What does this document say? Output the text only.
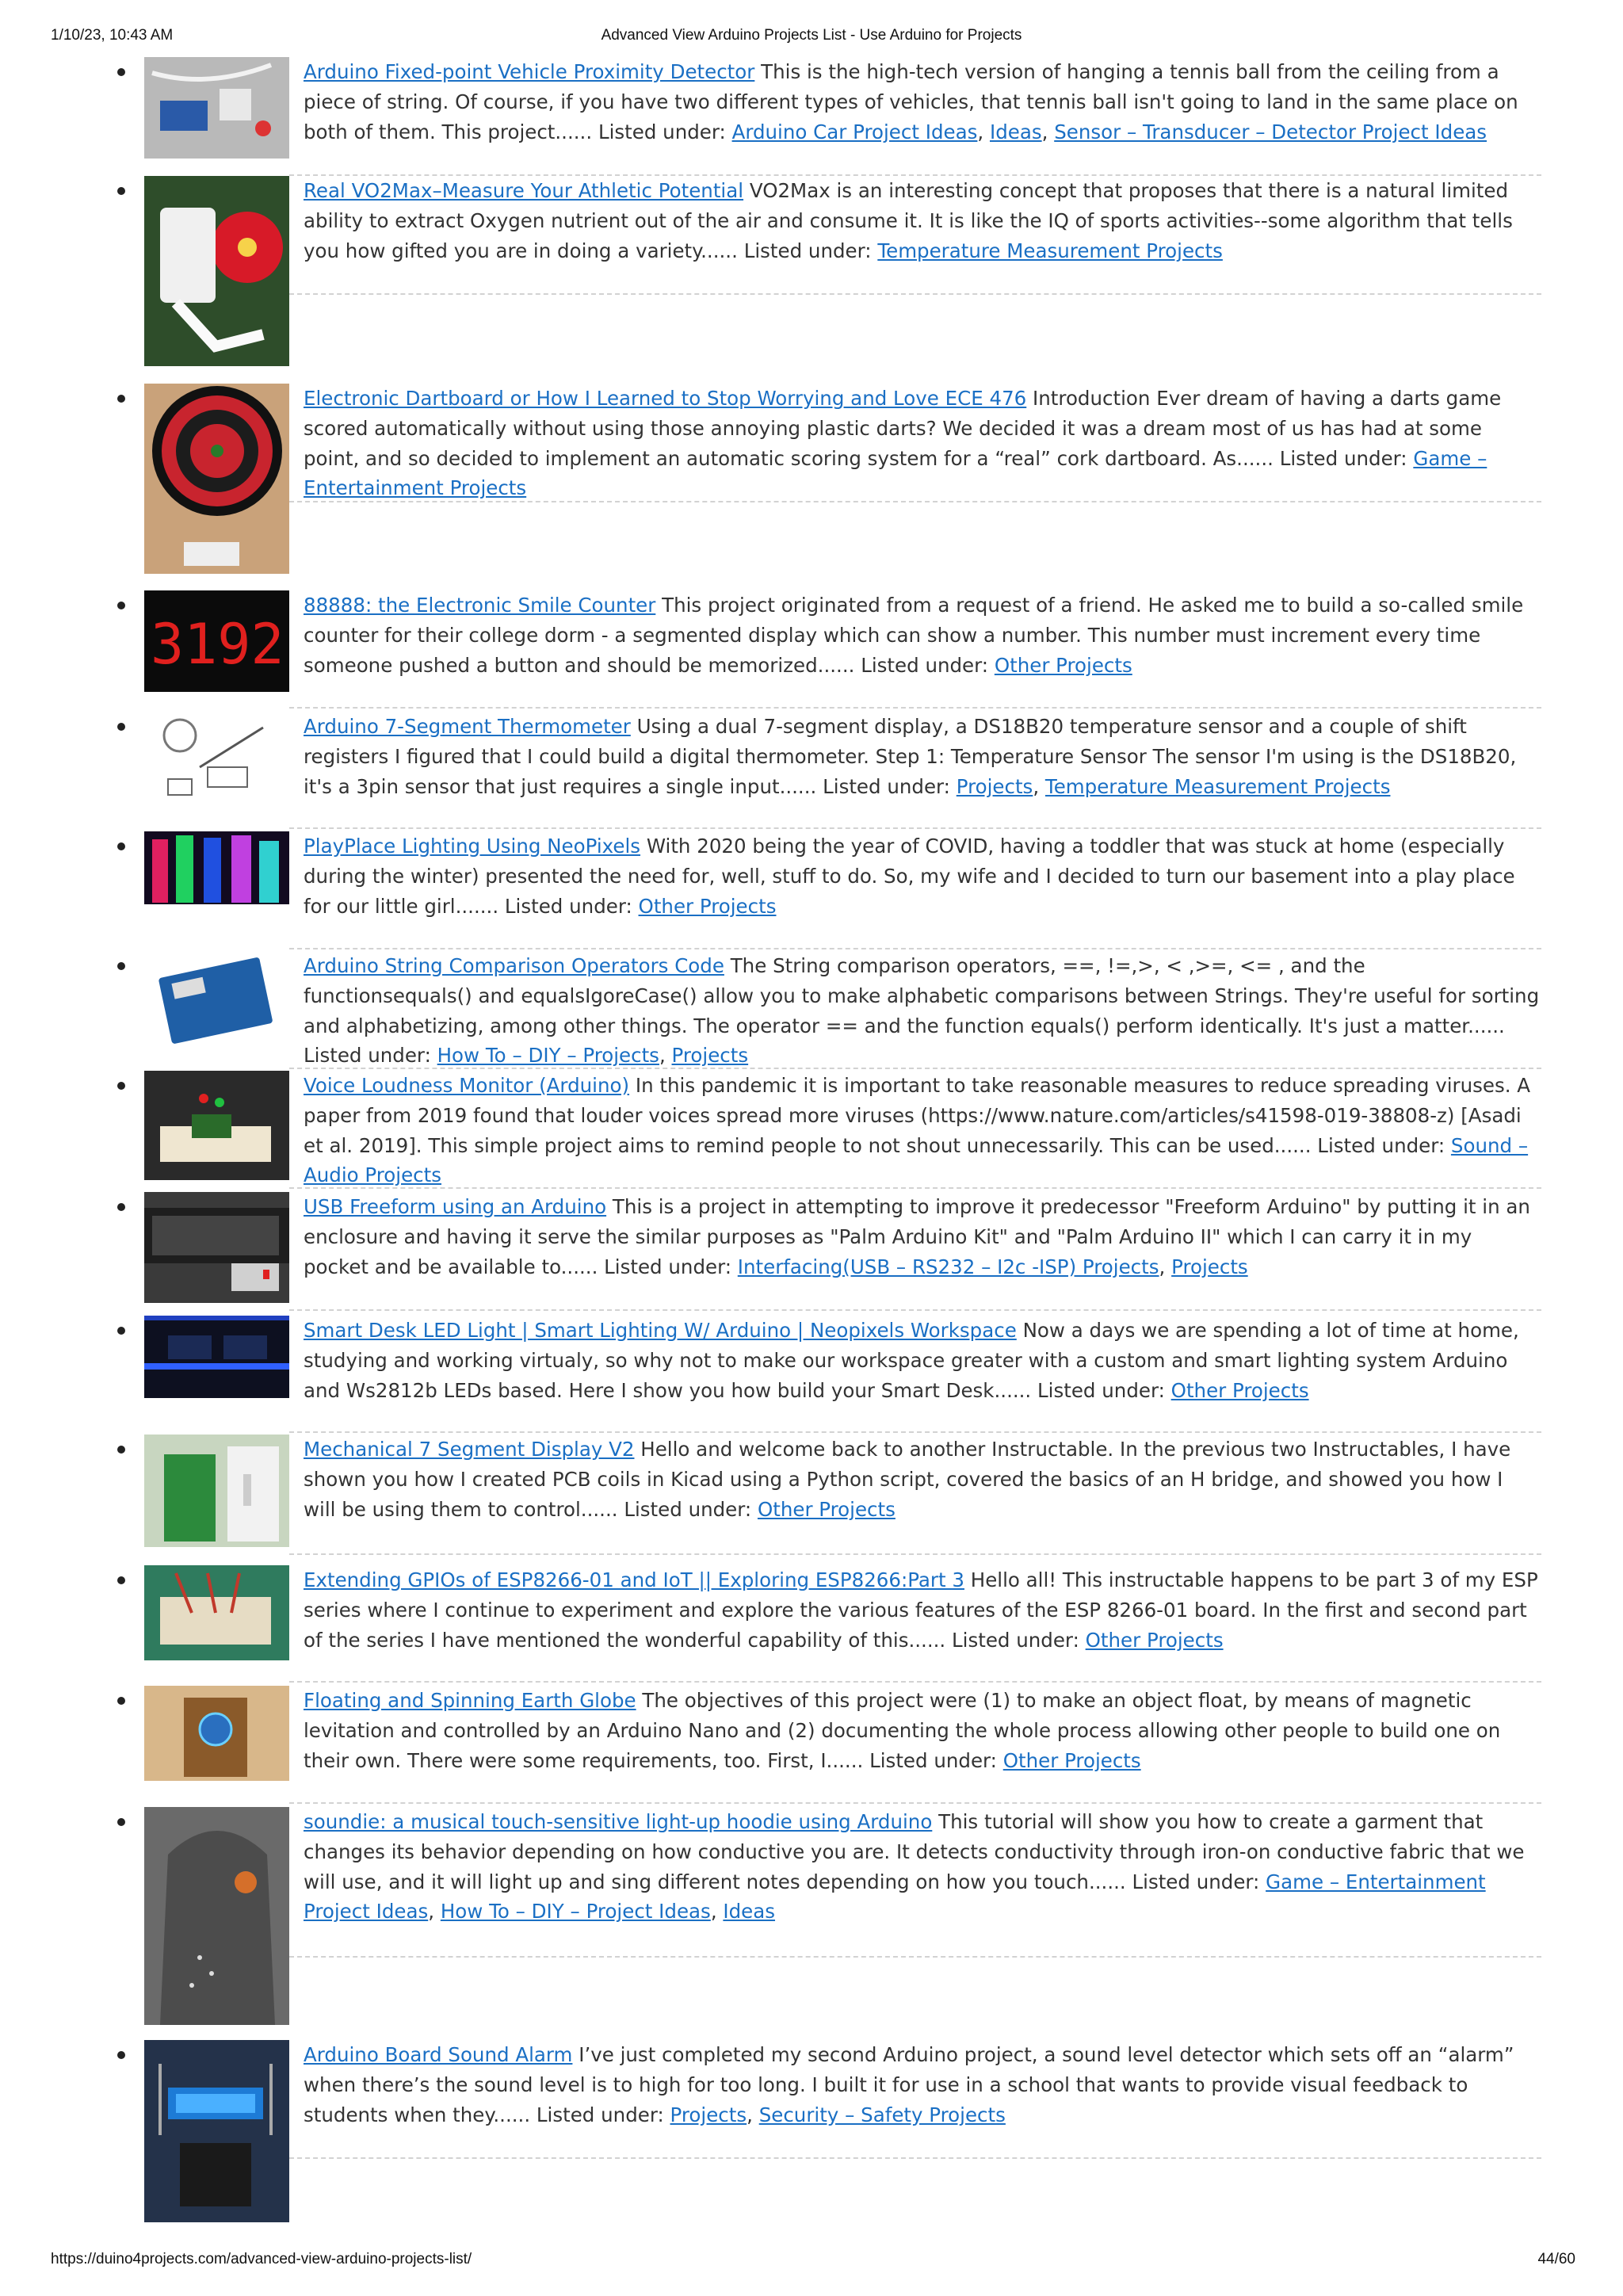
1/10/23, 10:43 AM	Advanced View Arduino Projects List - Use Arduino for Projects
Arduino Fixed-point Vehicle Proximity Detector This is the high-tech version of hanging a tennis ball from the ceiling from a piece of string. Of course, if you have two different types of vehicles, that tennis ball isn't going to land in the same place on both of them. This project...... Listed under: Arduino Car Project Ideas, Ideas, Sensor – Transducer – Detector Project Ideas
Real VO2Max–Measure Your Athletic Potential VO2Max is an interesting concept that proposes that there is a natural limited ability to extract Oxygen nutrient out of the air and consume it. It is like the IQ of sports activities--some algorithm that tells you how gifted you are in doing a variety...... Listed under: Temperature Measurement Projects
Electronic Dartboard or How I Learned to Stop Worrying and Love ECE 476 Introduction Ever dream of having a darts game scored automatically without using those annoying plastic darts? We decided it was a dream most of us has had at some point, and so decided to implement an automatic scoring system for a “real” cork dartboard. As...... Listed under: Game – Entertainment Projects
3192
88888: the Electronic Smile Counter This project originated from a request of a friend. He asked me to build a so-called smile counter for their college dorm - a segmented display which can show a number. This number must increment every time someone pushed a button and should be memorized...... Listed under: Other Projects
Arduino 7-Segment Thermometer Using a dual 7-segment display, a DS18B20 temperature sensor and a couple of shift registers I figured that I could build a digital thermometer. Step 1: Temperature Sensor The sensor I'm using is the DS18B20, it's a 3pin sensor that just requires a single input...... Listed under: Projects, Temperature Measurement Projects
PlayPlace Lighting Using NeoPixels With 2020 being the year of COVID, having a toddler that was stuck at home (especially during the winter) presented the need for, well, stuff to do. So, my wife and I decided to turn our basement into a play place for our little girl....... Listed under: Other Projects
Arduino String Comparison Operators Code The String comparison operators, ==, !=,>, < ,>=, <= , and the functionsequals() and equalsIgoreCase() allow you to make alphabetic comparisons between Strings. They're useful for sorting and alphabetizing, among other things. The operator == and the function equals() perform identically. It's just a matter...... Listed under: How To – DIY – Projects, Projects
Voice Loudness Monitor (Arduino) In this pandemic it is important to take reasonable measures to reduce spreading viruses. A paper from 2019 found that louder voices spread more viruses (https://www.nature.com/articles/s41598-019-38808-z) [Asadi et al. 2019]. This simple project aims to remind people to not shout unnecessarily. This can be used...... Listed under: Sound – Audio Projects
USB Freeform using an Arduino This is a project in attempting to improve it predecessor "Freeform Arduino" by putting it in an enclosure and having it serve the similar purposes as "Palm Arduino Kit" and "Palm Arduino II" which I can carry it in my pocket and be available to...... Listed under: Interfacing(USB – RS232 – I2c -ISP) Projects, Projects
Smart Desk LED Light | Smart Lighting W/ Arduino | Neopixels Workspace Now a days we are spending a lot of time at home, studying and working virtualy, so why not to make our workspace greater with a custom and smart lighting system Arduino and Ws2812b LEDs based. Here I show you how build your Smart Desk...... Listed under: Other Projects
Mechanical 7 Segment Display V2 Hello and welcome back to another Instructable. In the previous two Instructables, I have shown you how I created PCB coils in Kicad using a Python script, covered the basics of an H bridge, and showed you how I will be using them to control...... Listed under: Other Projects
Extending GPIOs of ESP8266-01 and IoT || Exploring ESP8266:Part 3 Hello all! This instructable happens to be part 3 of my ESP series where I continue to experiment and explore the various features of the ESP 8266-01 board. In the first and second part of the series I have mentioned the wonderful capability of this...... Listed under: Other Projects
Floating and Spinning Earth Globe The objectives of this project were (1) to make an object float, by means of magnetic levitation and controlled by an Arduino Nano and (2) documenting the whole process allowing other people to build one on their own. There were some requirements, too. First, I...... Listed under: Other Projects
soundie: a musical touch-sensitive light-up hoodie using Arduino This tutorial will show you how to create a garment that changes its behavior depending on how conductive you are. It detects conductivity through iron-on conductive fabric that we will use, and it will light up and sing different notes depending on how you touch...... Listed under: Game – Entertainment Project Ideas, How To – DIY – Project Ideas, Ideas
Arduino Board Sound Alarm I’ve just completed my second Arduino project, a sound level detector which sets off an “alarm” when there’s the sound level is to high for too long. I built it for use in a school that wants to provide visual feedback to students when they...... Listed under: Projects, Security – Safety Projects
https://duino4projects.com/advanced-view-arduino-projects-list/	44/60
